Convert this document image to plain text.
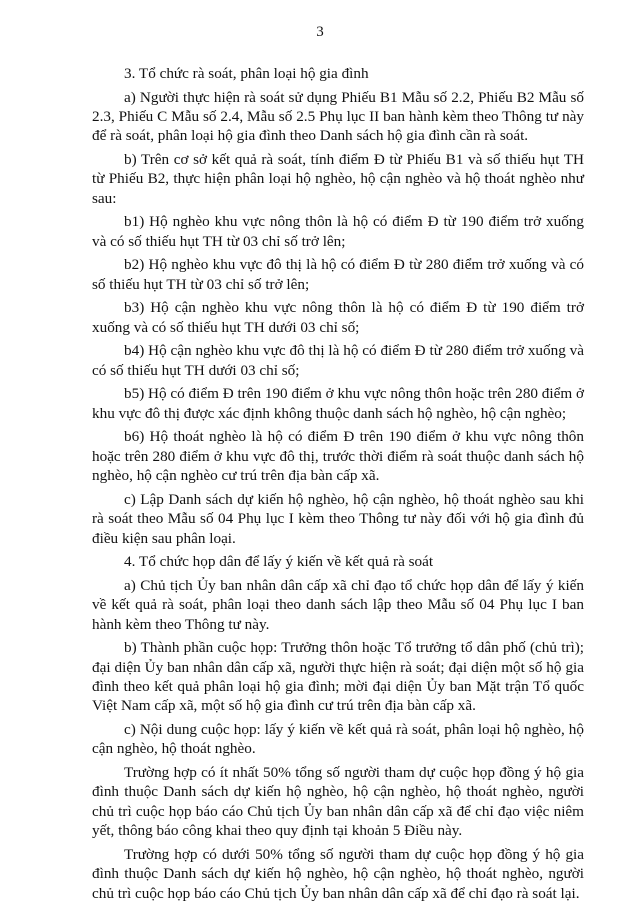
3

3. Tổ chức rà soát, phân loại hộ gia đình

a) Người thực hiện rà soát sử dụng Phiếu B1 Mẫu số 2.2, Phiếu B2 Mẫu số 2.3, Phiếu C Mẫu số 2.4, Mẫu số 2.5 Phụ lục II ban hành kèm theo Thông tư này để rà soát, phân loại hộ gia đình theo Danh sách hộ gia đình cần rà soát.

b) Trên cơ sở kết quả rà soát, tính điểm Đ từ Phiếu B1 và số thiếu hụt TH từ Phiếu B2, thực hiện phân loại hộ nghèo, hộ cận nghèo và hộ thoát nghèo như sau:

b1) Hộ nghèo khu vực nông thôn là hộ có điểm Đ từ 190 điểm trở xuống và có số thiếu hụt TH từ 03 chỉ số trở lên;

b2) Hộ nghèo khu vực đô thị là hộ có điểm Đ từ 280 điểm trở xuống và có số thiếu hụt TH từ 03 chỉ số trở lên;

b3) Hộ cận nghèo khu vực nông thôn là hộ có điểm Đ từ 190 điểm trở xuống và có số thiếu hụt TH dưới 03 chỉ số;

b4) Hộ cận nghèo khu vực đô thị là hộ có điểm Đ từ 280 điểm trở xuống và có số thiếu hụt TH dưới 03 chỉ số;

b5) Hộ có điểm Đ trên 190 điểm ở khu vực nông thôn hoặc trên 280 điểm ở khu vực đô thị được xác định không thuộc danh sách hộ nghèo, hộ cận nghèo;

b6) Hộ thoát nghèo là hộ có điểm Đ trên 190 điểm ở khu vực nông thôn hoặc trên 280 điểm ở khu vực đô thị, trước thời điểm rà soát thuộc danh sách hộ nghèo, hộ cận nghèo cư trú trên địa bàn cấp xã.

c) Lập Danh sách dự kiến hộ nghèo, hộ cận nghèo, hộ thoát nghèo sau khi rà soát theo Mẫu số 04 Phụ lục I kèm theo Thông tư này đối với hộ gia đình đủ điều kiện sau phân loại.

4. Tổ chức họp dân để lấy ý kiến về kết quả rà soát

a) Chủ tịch Ủy ban nhân dân cấp xã chỉ đạo tổ chức họp dân để lấy ý kiến về kết quả rà soát, phân loại theo danh sách lập theo Mẫu số 04 Phụ lục I ban hành kèm theo Thông tư này.

b) Thành phần cuộc họp: Trưởng thôn hoặc Tổ trưởng tổ dân phố (chủ trì); đại diện Ủy ban nhân dân cấp xã, người thực hiện rà soát; đại diện một số hộ gia đình theo kết quả phân loại hộ gia đình; mời đại diện Ủy ban Mặt trận Tổ quốc Việt Nam cấp xã, một số hộ gia đình cư trú trên địa bàn cấp xã.

c) Nội dung cuộc họp: lấy ý kiến về kết quả rà soát, phân loại hộ nghèo, hộ cận nghèo, hộ thoát nghèo.

Trường hợp có ít nhất 50% tổng số người tham dự cuộc họp đồng ý hộ gia đình thuộc Danh sách dự kiến hộ nghèo, hộ cận nghèo, hộ thoát nghèo, người chủ trì cuộc họp báo cáo Chủ tịch Ủy ban nhân dân cấp xã để chỉ đạo việc niêm yết, thông báo công khai theo quy định tại khoản 5 Điều này.

Trường hợp có dưới 50% tổng số người tham dự cuộc họp đồng ý hộ gia đình thuộc Danh sách dự kiến hộ nghèo, hộ cận nghèo, hộ thoát nghèo, người chủ trì cuộc họp báo cáo Chủ tịch Ủy ban nhân dân cấp xã để chỉ đạo rà soát lại.
